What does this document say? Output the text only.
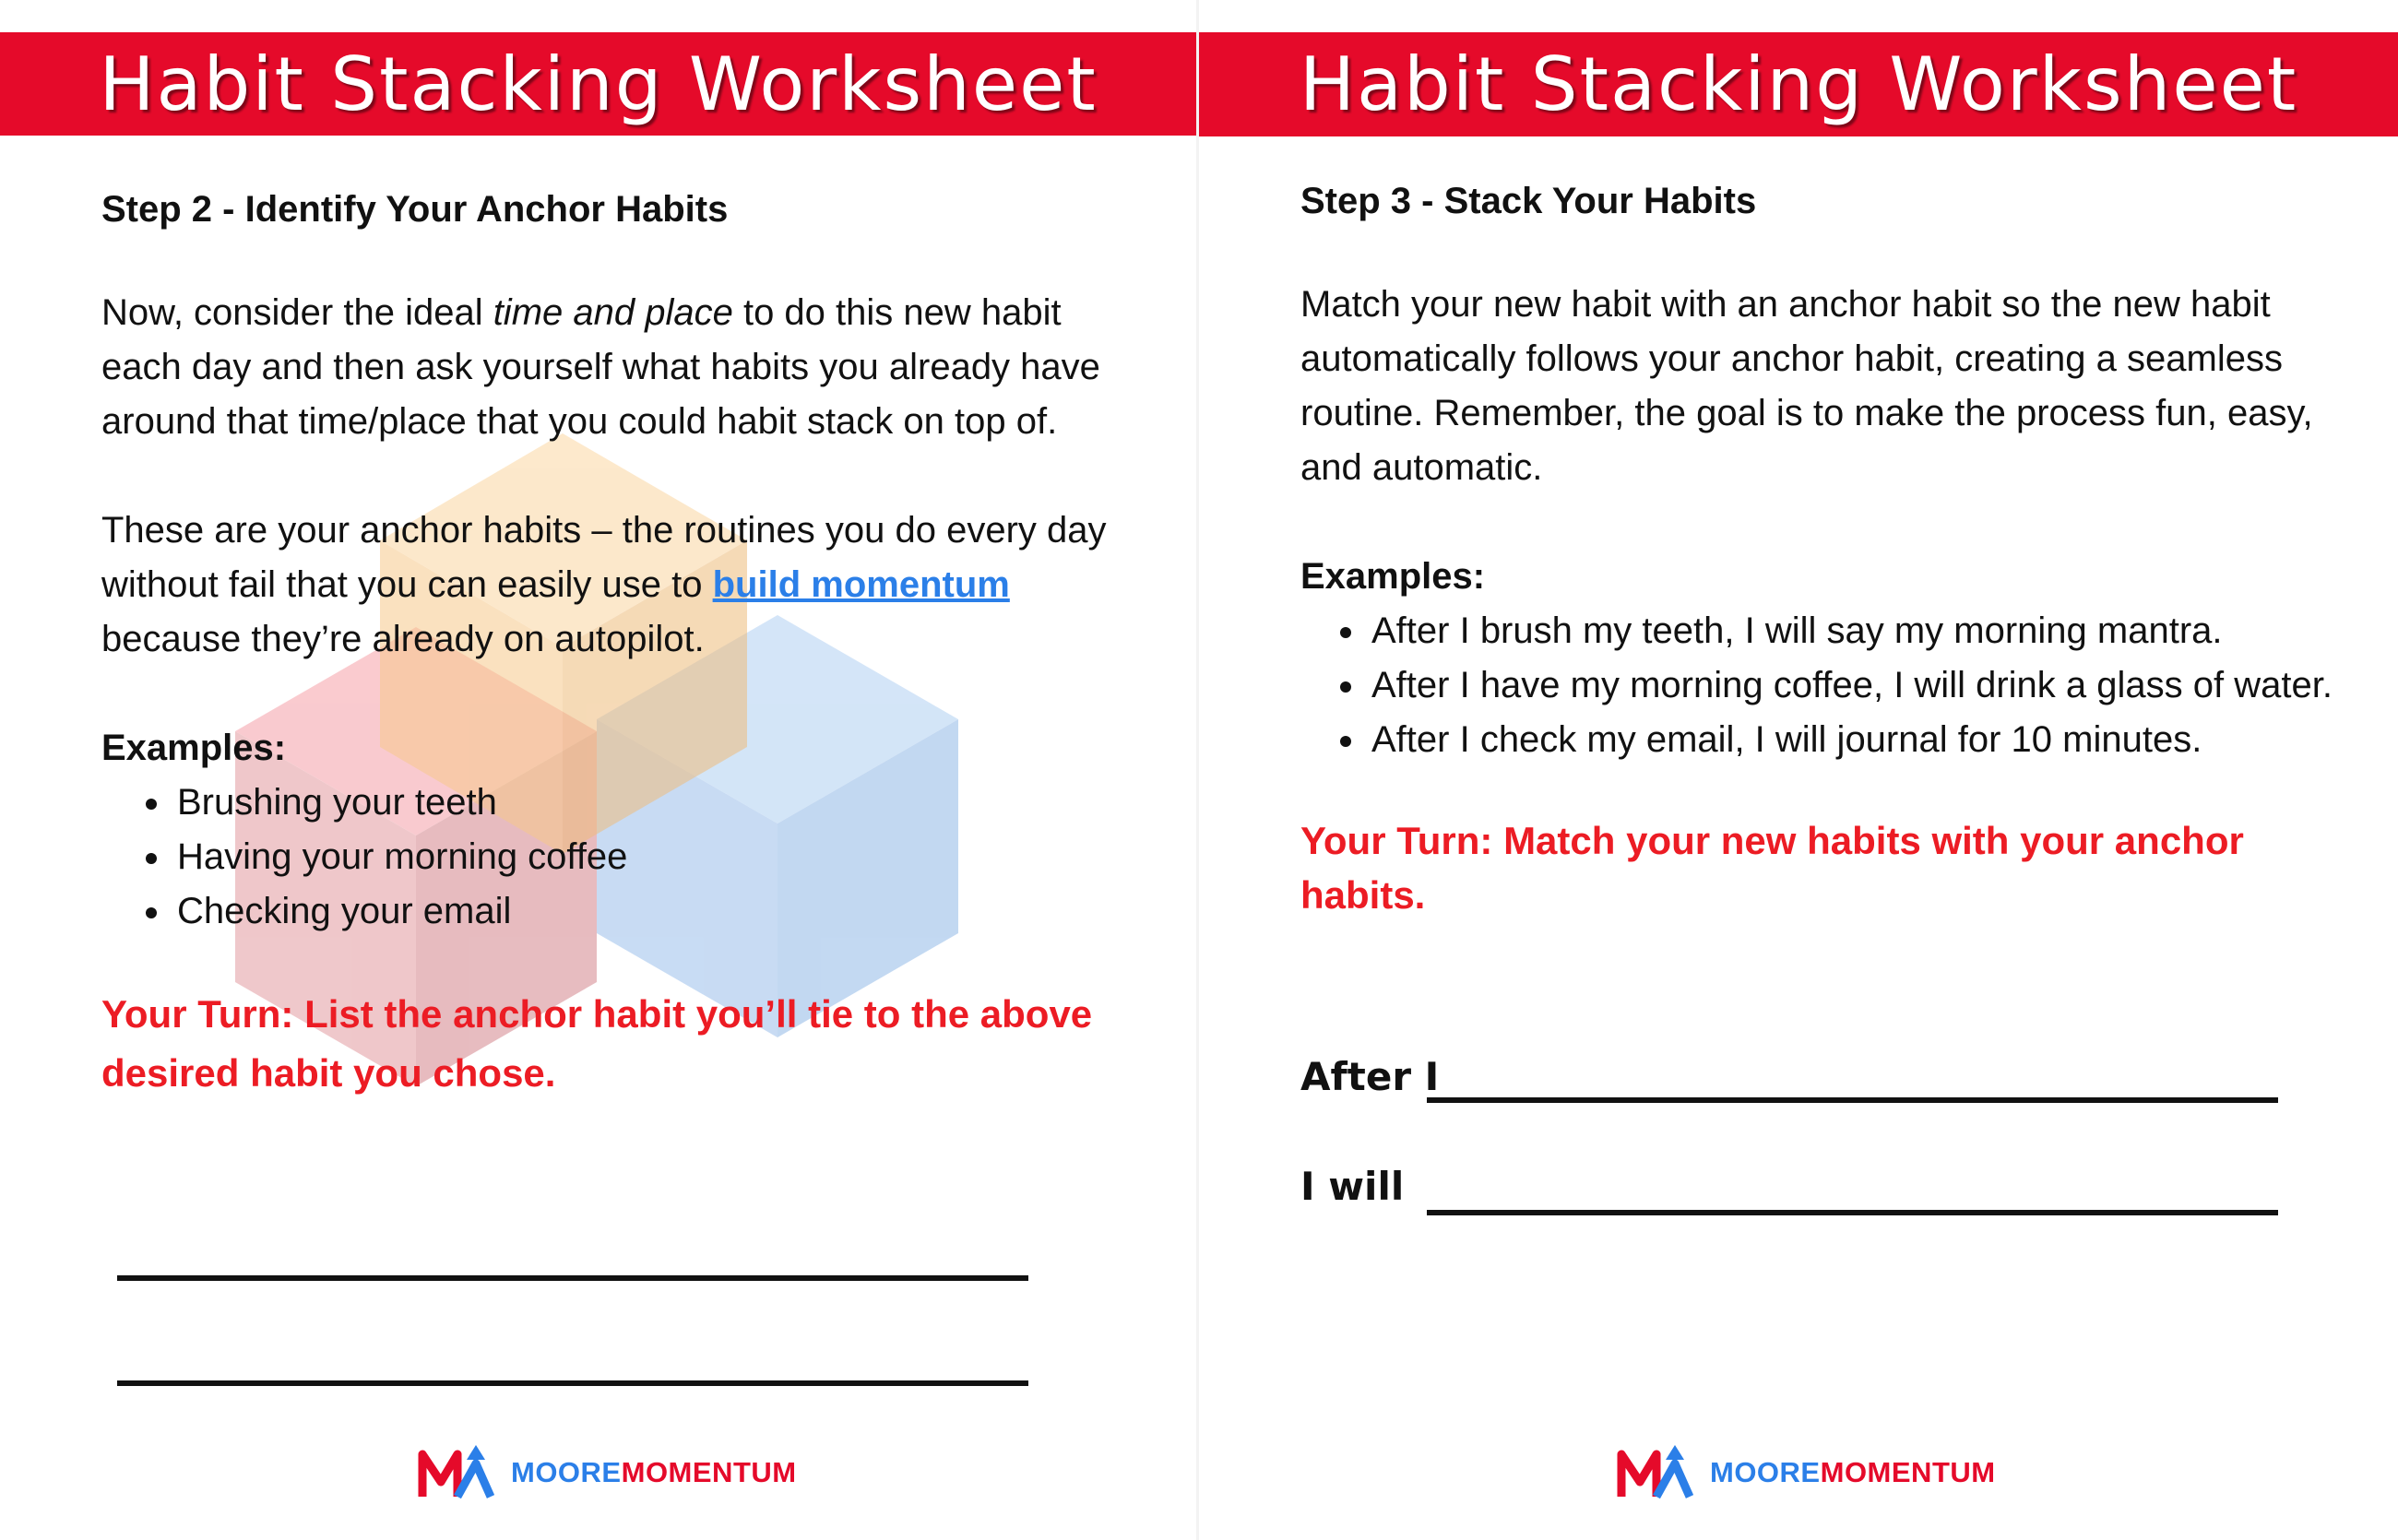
Habit Stacking Worksheet
Step 2 - Identify Your Anchor Habits

Now, consider the ideal time and place to do this new habit each day and then ask yourself what habits you already have around that time/place that you could habit stack on top of.

These are your anchor habits – the routines you do every day without fail that you can easily use to build momentum because they’re already on autopilot.

Examples:

• Brushing your teeth
• Having your morning coffee
• Checking your email

Your Turn: List the anchor habit you’ll tie to the above desired habit you chose.

MOOREMOMENTUM
Habit Stacking Worksheet
Step 3 - Stack Your Habits

Match your new habit with an anchor habit so the new habit automatically follows your anchor habit, creating a seamless routine. Remember, the goal is to make the process fun, easy, and automatic.

Examples:

• After I brush my teeth, I will say my morning mantra.
• After I have my morning coffee, I will drink a glass of water.
• After I check my email, I will journal for 10 minutes.

Your Turn: Match your new habits with your anchor habits.

After I
I will
MOOREMOMENTUM
